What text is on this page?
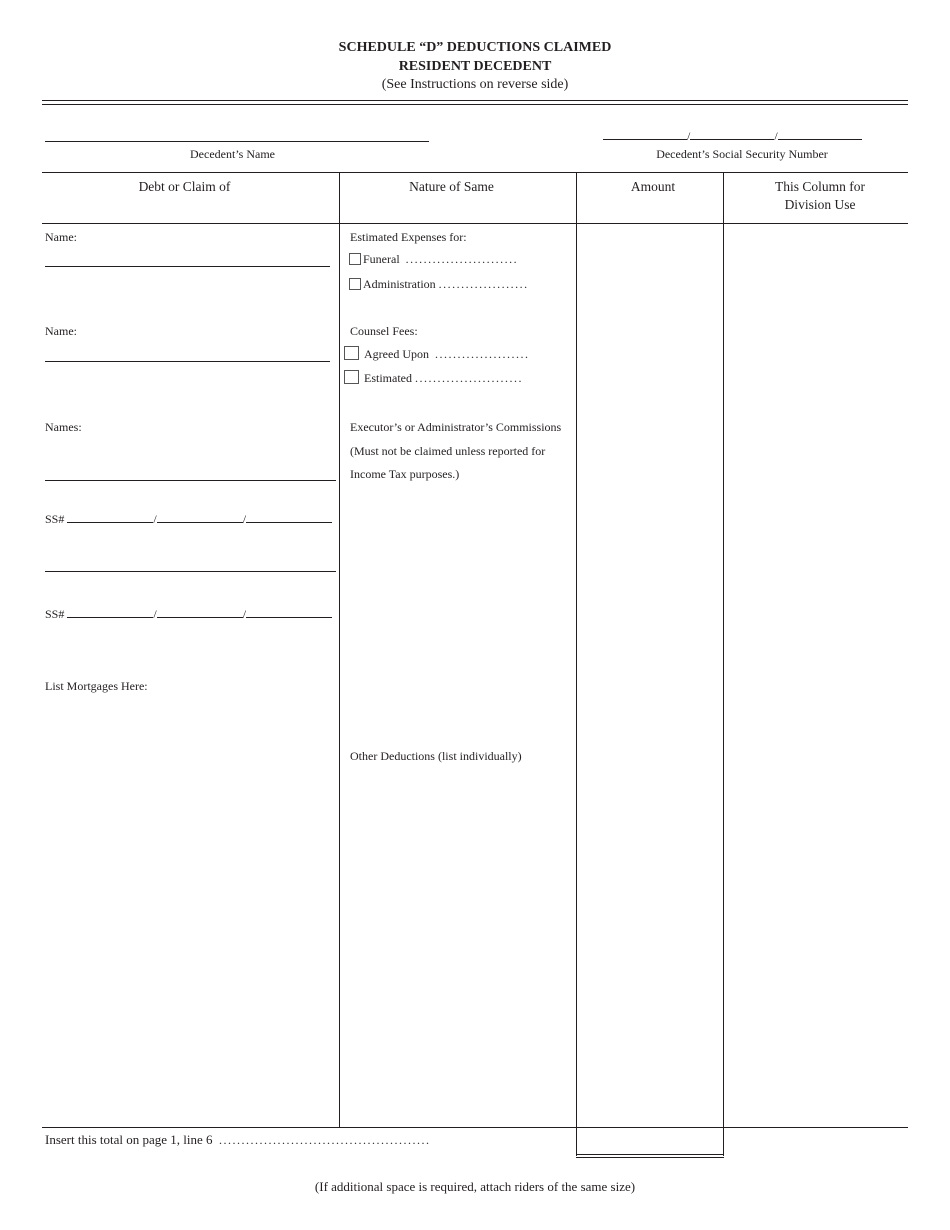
SCHEDULE “D” DEDUCTIONS CLAIMED
RESIDENT DECEDENT
(See Instructions on reverse side)
Decedent’s Name
/	/
Decedent’s Social Security Number
Debt or Claim of	Nature of Same	Amount	This Column for
Division Use
Name:
Name:
Names:
SS#	/	/
SS#	/	/
List Mortgages Here:
Estimated Expenses for:
Funeral .........................
Administration ....................
Counsel Fees:
Agreed Upon .....................
Estimated ........................
Executor’s or Administrator’s Commissions
(Must not be claimed unless reported for
Income Tax purposes.)
Other Deductions (list individually)
Insert this total on page 1, line 6 ...............................................
(If additional space is required, attach riders of the same size)
